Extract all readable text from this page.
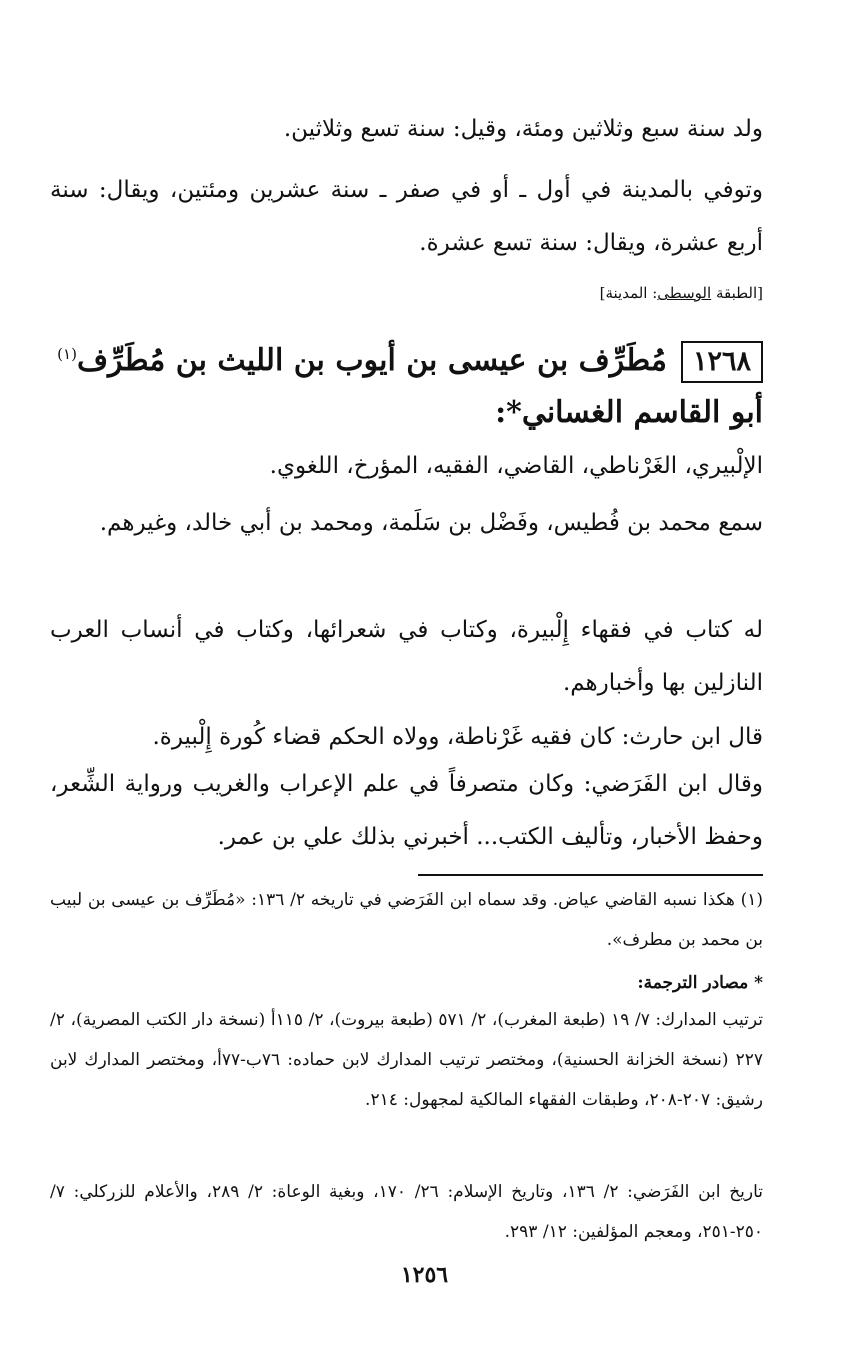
ولد سنة سبع وثلاثين ومئة، وقيل: سنة تسع وثلاثين.
وتوفي بالمدينة في أول ـ أو في صفر ـ سنة عشرين ومئتين، ويقال: سنة أربع عشرة، ويقال: سنة تسع عشرة.
[الطبقة الوسطى: المدينة]
١٢٦٨مُطَرِّف بن عيسى بن أيوب بن الليث بن مُطَرِّف$^{(١)}$ أبو القاسم الغساني*:
الإلْبيري، الغَرْناطي، القاضي، الفقيه، المؤرخ، اللغوي.
سمع محمد بن فُطيس، وفَضْل بن سَلَمة، ومحمد بن أبي خالد، وغيرهم.
له كتاب في فقهاء إِلْبيرة، وكتاب في شعرائها، وكتاب في أنساب العرب النازلين بها وأخبارهم.
قال ابن حارث: كان فقيه غَرْناطة، وولاه الحكم قضاء كُورة إِلْبيرة.
وقال ابن الفَرَضي: وكان متصرفاً في علم الإعراب والغريب ورواية الشِّعر، وحفظ الأخبار، وتأليف الكتب... أخبرني بذلك علي بن عمر.
(١) هكذا نسبه القاضي عياض. وقد سماه ابن الفَرَضي في تاريخه ٢/ ١٣٦: «مُطَرِّف بن عيسى بن لبيب بن محمد بن مطرف».
* مصادر الترجمة:
ترتيب المدارك: ٧/ ١٩ (طبعة المغرب)، ٢/ ٥٧١ (طبعة بيروت)، ٢/ ١١٥أ (نسخة دار الكتب المصرية)، ٢/ ٢٢٧ (نسخة الخزانة الحسنية)، ومختصر ترتيب المدارك لابن حماده: ٧٦ب-٧٧أ، ومختصر المدارك لابن رشيق: ٢٠٧-٢٠٨، وطبقات الفقهاء المالكية لمجهول: ٢١٤.
تاريخ ابن الفَرَضي: ٢/ ١٣٦، وتاريخ الإسلام: ٢٦/ ١٧٠، وبغية الوعاة: ٢/ ٢٨٩، والأعلام للزركلي: ٧/ ٢٥٠-٢٥١، ومعجم المؤلفين: ١٢/ ٢٩٣.
١٢٥٦
